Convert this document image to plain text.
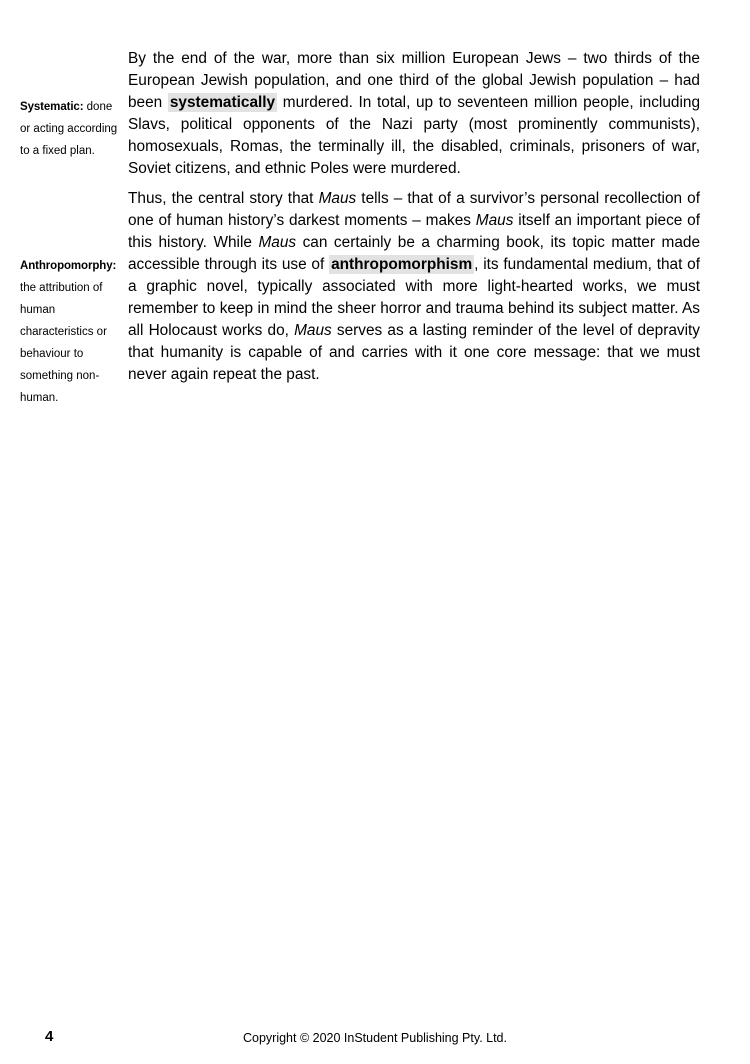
Systematic: done or acting according to a fixed plan.
Anthropomorphy: the attribution of human characteristics or behaviour to something non-human.

By the end of the war, more than six million European Jews – two thirds of the European Jewish population, and one third of the global Jewish population – had been systematically murdered. In total, up to seventeen million people, including Slavs, political opponents of the Nazi party (most prominently communists), homosexuals, Romas, the terminally ill, the disabled, criminals, prisoners of war, Soviet citizens, and ethnic Poles were murdered.

Thus, the central story that Maus tells – that of a survivor’s personal recollection of one of human history’s darkest moments – makes Maus itself an important piece of this history. While Maus can certainly be a charming book, its topic matter made accessible through its use of anthropomorphism , its fundamental medium, that of a graphic novel, typically associated with more light-hearted works, we must remember to keep in mind the sheer horror and trauma behind its subject matter. As all Holocaust works do, Maus serves as a lasting reminder of the level of depravity that humanity is capable of and carries with it one core message: that we must never again repeat the past.

4	Copyright © 2020 InStudent Publishing Pty. Ltd.
